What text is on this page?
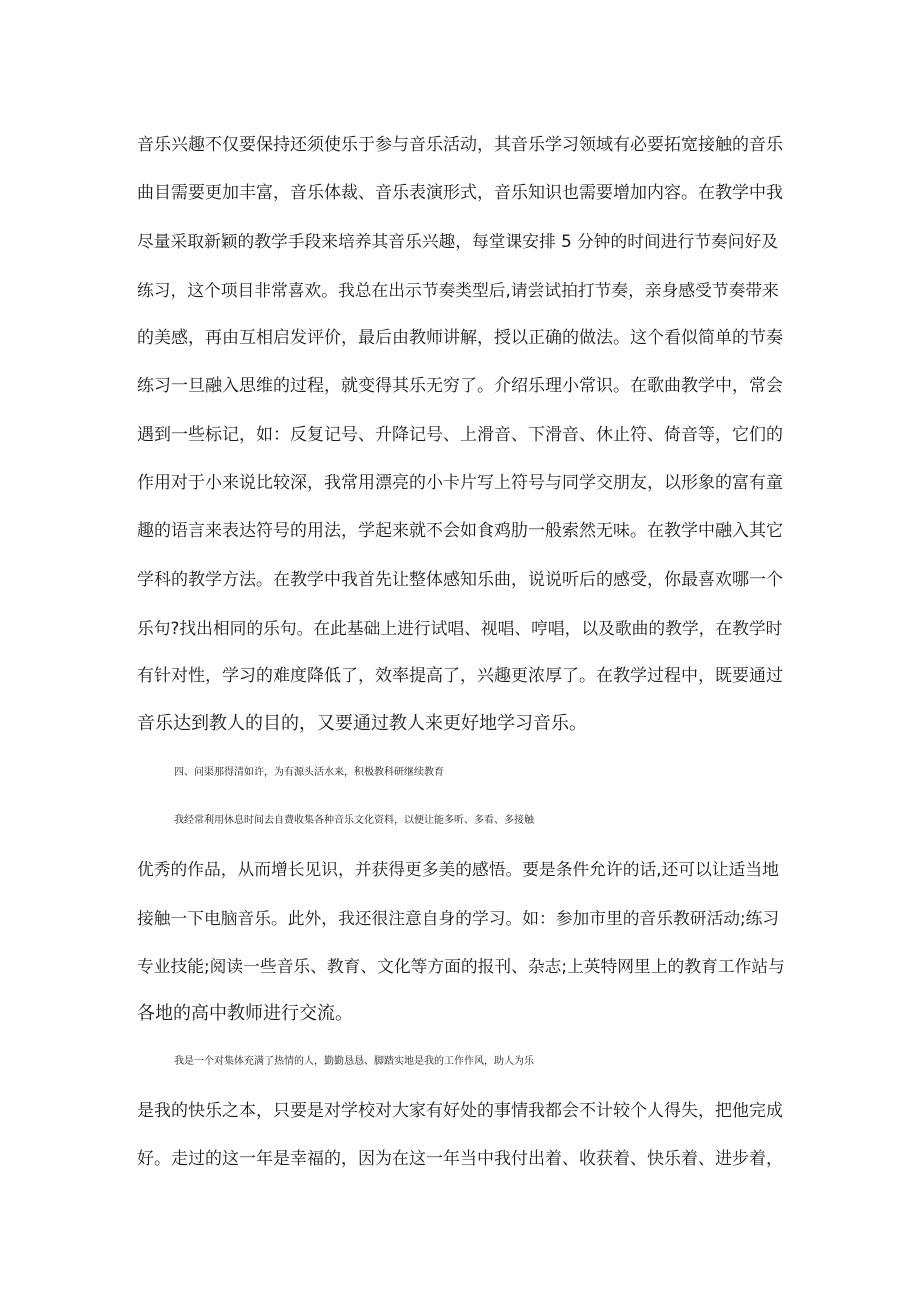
音乐兴趣不仅要保持还须使乐于参与音乐活动，其音乐学习领域有必要拓宽接触的音乐
曲目需要更加丰富，音乐体裁、音乐表演形式，音乐知识也需要增加内容。在教学中我
尽量采取新颖的教学手段来培养其音乐兴趣，每堂课安排 5 分钟的时间进行节奏问好及
练习，这个项目非常喜欢。我总在出示节奏类型后,请尝试拍打节奏，亲身感受节奏带来
的美感，再由互相启发评价，最后由教师讲解，授以正确的做法。这个看似简单的节奏
练习一旦融入思维的过程，就变得其乐无穷了。介绍乐理小常识。在歌曲教学中，常会
遇到一些标记，如：反复记号、升降记号、上滑音、下滑音、休止符、倚音等，它们的
作用对于小来说比较深，我常用漂亮的小卡片写上符号与同学交朋友，以形象的富有童
趣的语言来表达符号的用法，学起来就不会如食鸡肋一般索然无味。在教学中融入其它
学科的教学方法。在教学中我首先让整体感知乐曲，说说听后的感受，你最喜欢哪一个
乐句?找出相同的乐句。在此基础上进行试唱、视唱、哼唱，以及歌曲的教学，在教学时
有针对性，学习的难度降低了，效率提高了，兴趣更浓厚了。在教学过程中，既要通过
音乐达到教人的目的，又要通过教人来更好地学习音乐。
四、问渠那得清如许，为有源头活水来，积极教科研继续教育
我经常利用休息时间去自费收集各种音乐文化资料，以便让能多听、多看、多接触
优秀的作品，从而增长见识，并获得更多美的感悟。要是条件允许的话,还可以让适当地
接触一下电脑音乐。此外，我还很注意自身的学习。如：参加市里的音乐教研活动;练习
专业技能;阅读一些音乐、教育、文化等方面的报刊、杂志;上英特网里上的教育工作站与
各地的高中教师进行交流。
我是一个对集体充满了热情的人，勤勤恳恳、脚踏实地是我的工作作风，助人为乐
是我的快乐之本，只要是对学校对大家有好处的事情我都会不计较个人得失，把他完成
好。走过的这一年是幸福的，因为在这一年当中我付出着、收获着、快乐着、进步着，
